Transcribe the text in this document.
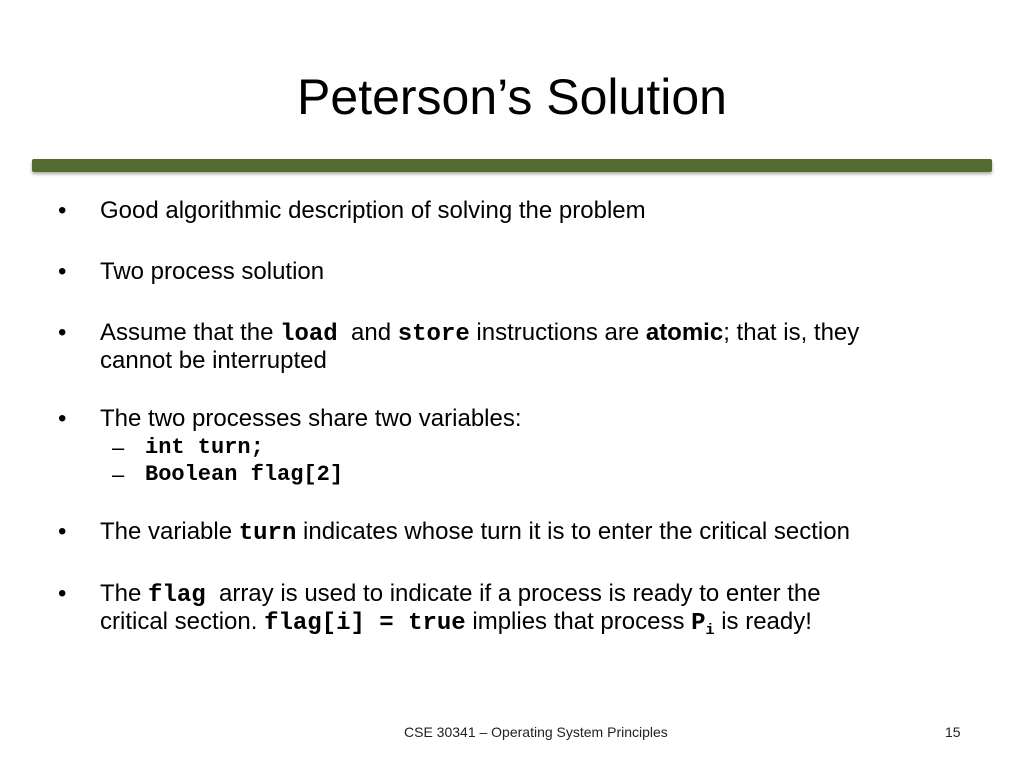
Peterson’s Solution
• Good algorithmic description of solving the problem
• Two process solution
• Assume that the load  and store instructions are atomic; that is, they
cannot be interrupted
• The two processes share two variables:
– int turn;
– Boolean flag[2]
• The variable turn indicates whose turn it is to enter the critical section
• The flag  array is used to indicate if a process is ready to enter the
critical section. flag[i] = true implies that process $P_i$ is ready!
CSE 30341 – Operating System Principles	15
